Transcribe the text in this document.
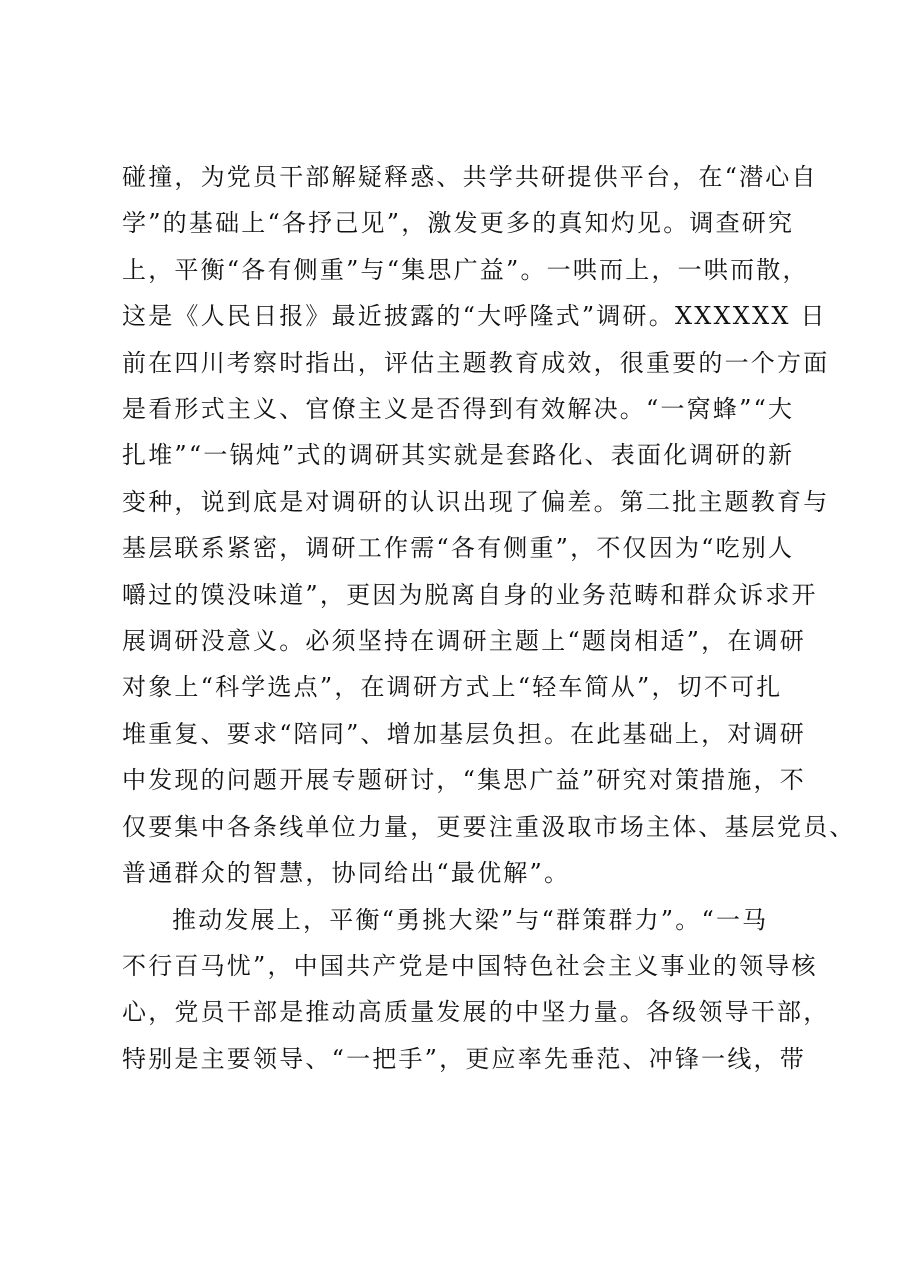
碰撞，为党员干部解疑释惑、共学共研提供平台，在“潜心自
学”的基础上“各抒己见”，激发更多的真知灼见。调查研究
上，平衡“各有侧重”与“集思广益”。一哄而上，一哄而散，
这是《人民日报》最近披露的“大呼隆式”调研。XXXXXX 日
前在四川考察时指出，评估主题教育成效，很重要的一个方面
是看形式主义、官僚主义是否得到有效解决。“一窝蜂”“大
扎堆”“一锅炖”式的调研其实就是套路化、表面化调研的新
变种，说到底是对调研的认识出现了偏差。第二批主题教育与
基层联系紧密，调研工作需“各有侧重”，不仅因为“吃别人
嚼过的馍没味道”，更因为脱离自身的业务范畴和群众诉求开
展调研没意义。必须坚持在调研主题上“题岗相适”，在调研
对象上“科学选点”，在调研方式上“轻车简从”，切不可扎
堆重复、要求“陪同”、增加基层负担。在此基础上，对调研
中发现的问题开展专题研讨，“集思广益”研究对策措施，不
仅要集中各条线单位力量，更要注重汲取市场主体、基层党员、
普通群众的智慧，协同给出“最优解”。

推动发展上，平衡“勇挑大梁”与“群策群力”。“一马
不行百马忧”，中国共产党是中国特色社会主义事业的领导核
心，党员干部是推动高质量发展的中坚力量。各级领导干部，
特别是主要领导、“一把手”，更应率先垂范、冲锋一线，带
